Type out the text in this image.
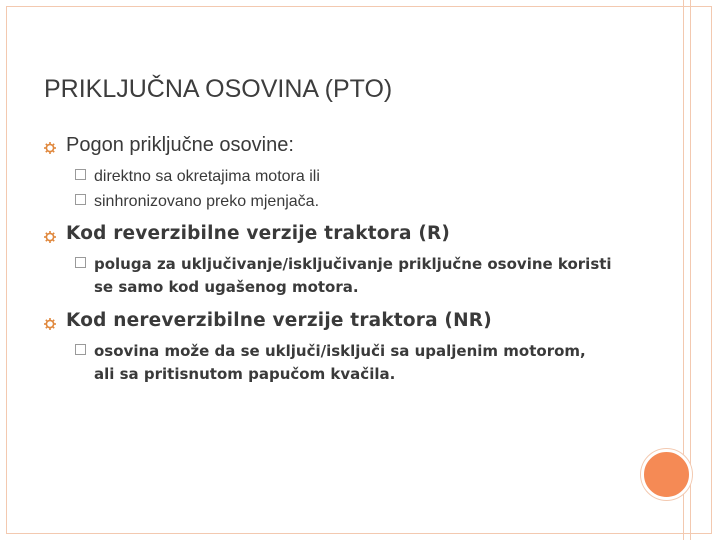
PRIKLJUČNA OSOVINA (PTO)
Pogon priključne osovine:
direktno sa okretajima motora ili
sinhronizovano preko mjenjača.
Kod reverzibilne verzije traktora (R)
poluga za uključivanje/isključivanje priključne osovine koristi se samo kod ugašenog motora.
Kod nereverzibilne verzije traktora (NR)
osovina može da se uključi/isključi sa upaljenim motorom, ali sa pritisnutom papučom kvačila.
